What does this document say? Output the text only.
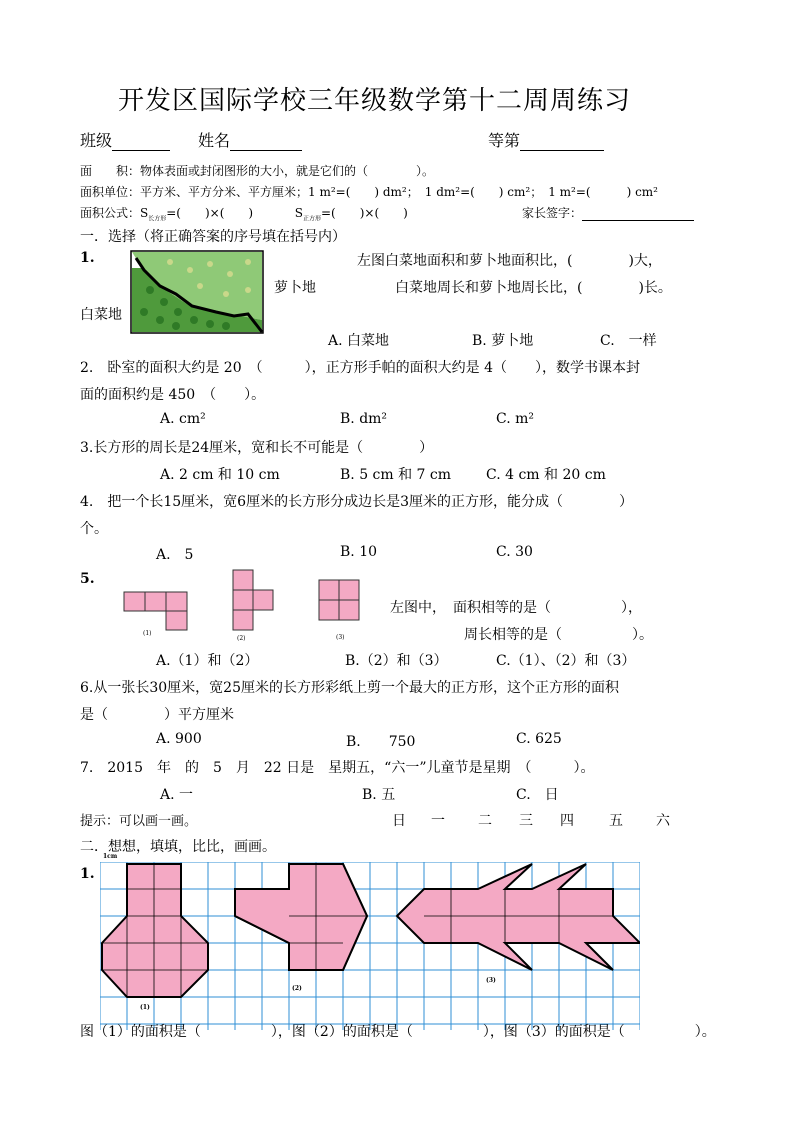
开发区国际学校三年级数学第十二周周练习
班级	姓名	等第
面　　积：物体表面或封闭图形的大小，就是它们的（　　　　）。
面积单位：平方米、平方分米、平方厘米；1 m²=(　　) dm²；　1 dm²=(　　) cm²；　1 m²=(　　　) cm²
面积公式：$S_{长方形}=$(　　)×(　　)	$S_{正方形}=$(　　)×(　　)	家长签字：
一．选择（将正确答案的序号填在括号内）
1.
萝卜地
白菜地
左图白菜地面积和萝卜地面积比，(　　　　)大，
白菜地周长和萝卜地周长比，(　　　　)长。
A. 白菜地	B. 萝卜地	C.　一样
2.　卧室的面积大约是 20　（　　　），正方形手帕的面积大约是 4（　　），数学书课本封
面的面积约是 450　（　　）。
A. cm²	B. dm²	C. m²
3.长方形的周长是24厘米，宽和长不可能是（　　　　）
A. 2 cm 和 10 cm	B. 5 cm 和 7 cm C. 4 cm 和 20 cm
4.　把一个长15厘米，宽6厘米的长方形分成边长是3厘米的正方形，能分成（　　　　）
个。
A.　5	B. 10	C. 30
5.
(1)
(2)	(3)
左图中，　面积相等的是（　　　　　），
周长相等的是（　　　　　）。
A.（1）和（2）	B.（2）和（3）	C.（1）、（2）和（3）
6.从一张长30厘米，宽25厘米的长方形彩纸上剪一个最大的正方形，这个正方形的面积
是（　　　　）平方厘米
A. 900	B.　　750	C. 625
7.　2015　年　的　5　月　22 日是　星期五，“六一”儿童节是星期　（　　　）。
A. 一	B. 五	C.　日
提示：可以画一画。	日 一 二 三 四	五 六
二．想想，填填，比比，画画。
1cm
1.
(1)
(2)
(3)
图（1）的面积是（　　　　　），图（2）的面积是（　　　　　），图（3）的面积是（　　　　　）。
